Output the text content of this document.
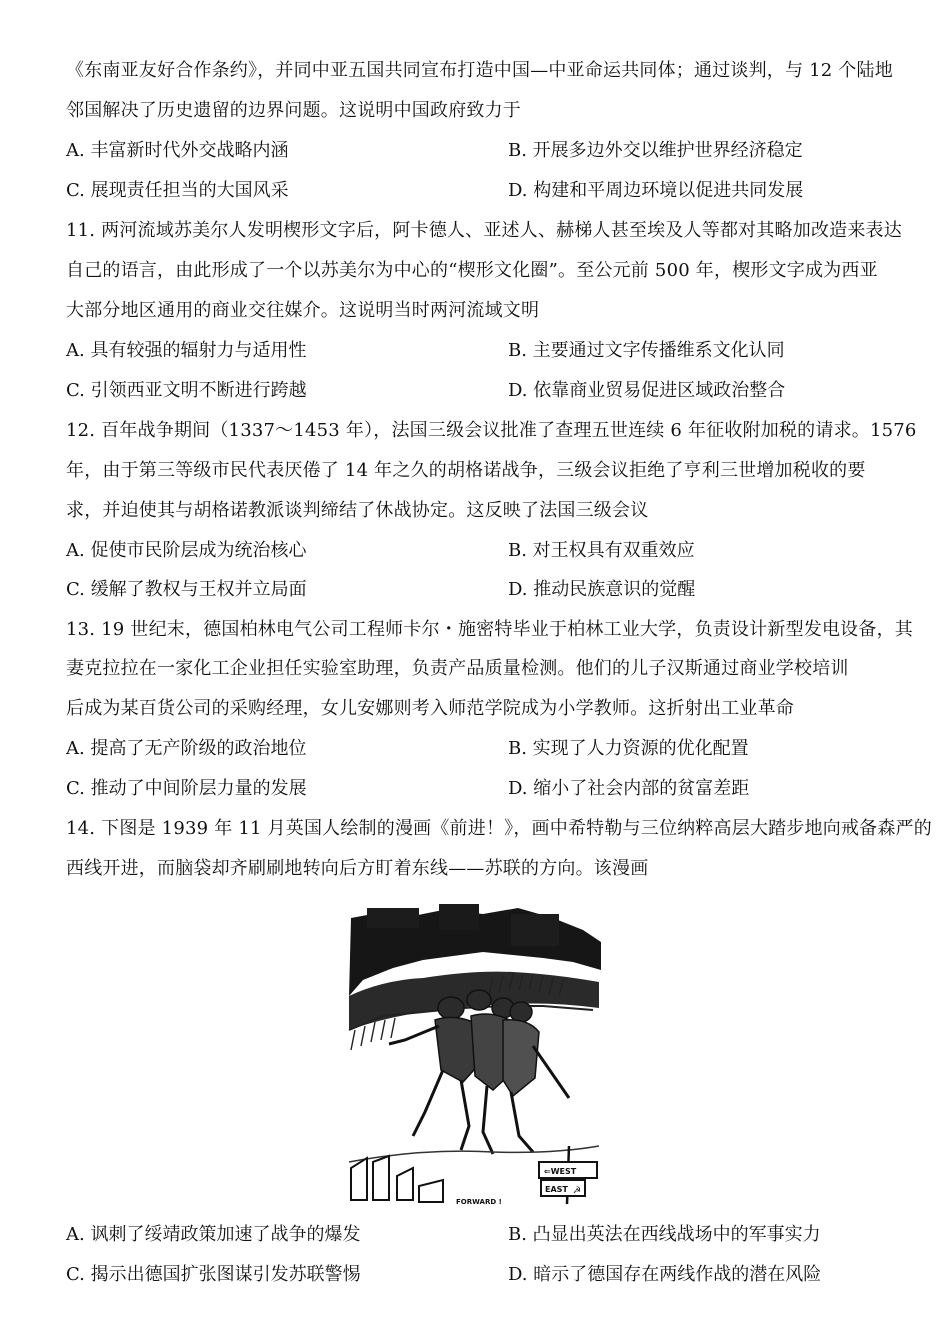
《东南亚友好合作条约》，并同中亚五国共同宣布打造中国—中亚命运共同体；通过谈判，与 12 个陆地
邻国解决了历史遗留的边界问题。这说明中国政府致力于
A. 丰富新时代外交战略内涵	B. 开展多边外交以维护世界经济稳定
C. 展现责任担当的大国风采	D. 构建和平周边环境以促进共同发展
11. 两河流域苏美尔人发明楔形文字后，阿卡德人、亚述人、赫梯人甚至埃及人等都对其略加改造来表达
自己的语言，由此形成了一个以苏美尔为中心的“楔形文化圈”。至公元前 500 年，楔形文字成为西亚
大部分地区通用的商业交往媒介。这说明当时两河流域文明
A. 具有较强的辐射力与适用性	B. 主要通过文字传播维系文化认同
C. 引领西亚文明不断进行跨越	D. 依靠商业贸易促进区域政治整合
12. 百年战争期间（1337～1453 年），法国三级会议批准了查理五世连续 6 年征收附加税的请求。1576
年，由于第三等级市民代表厌倦了 14 年之久的胡格诺战争，三级会议拒绝了亨利三世增加税收的要
求，并迫使其与胡格诺教派谈判缔结了休战协定。这反映了法国三级会议
A. 促使市民阶层成为统治核心	B. 对王权具有双重效应
C. 缓解了教权与王权并立局面	D. 推动民族意识的觉醒
13. 19 世纪末，德国柏林电气公司工程师卡尔・施密特毕业于柏林工业大学，负责设计新型发电设备，其
妻克拉拉在一家化工企业担任实验室助理，负责产品质量检测。他们的儿子汉斯通过商业学校培训
后成为某百货公司的采购经理，女儿安娜则考入师范学院成为小学教师。这折射出工业革命
A. 提高了无产阶级的政治地位	B. 实现了人力资源的优化配置
C. 推动了中间阶层力量的发展	D. 缩小了社会内部的贫富差距
14. 下图是 1939 年 11 月英国人绘制的漫画《前进！》，画中希特勒与三位纳粹高层大踏步地向戒备森严的
西线开进，而脑袋却齐刷刷地转向后方盯着东线——苏联的方向。该漫画
⇐WEST
EAST ☭
FORWARD !
A. 讽刺了绥靖政策加速了战争的爆发	B. 凸显出英法在西线战场中的军事实力
C. 揭示出德国扩张图谋引发苏联警惕	D. 暗示了德国存在两线作战的潜在风险
